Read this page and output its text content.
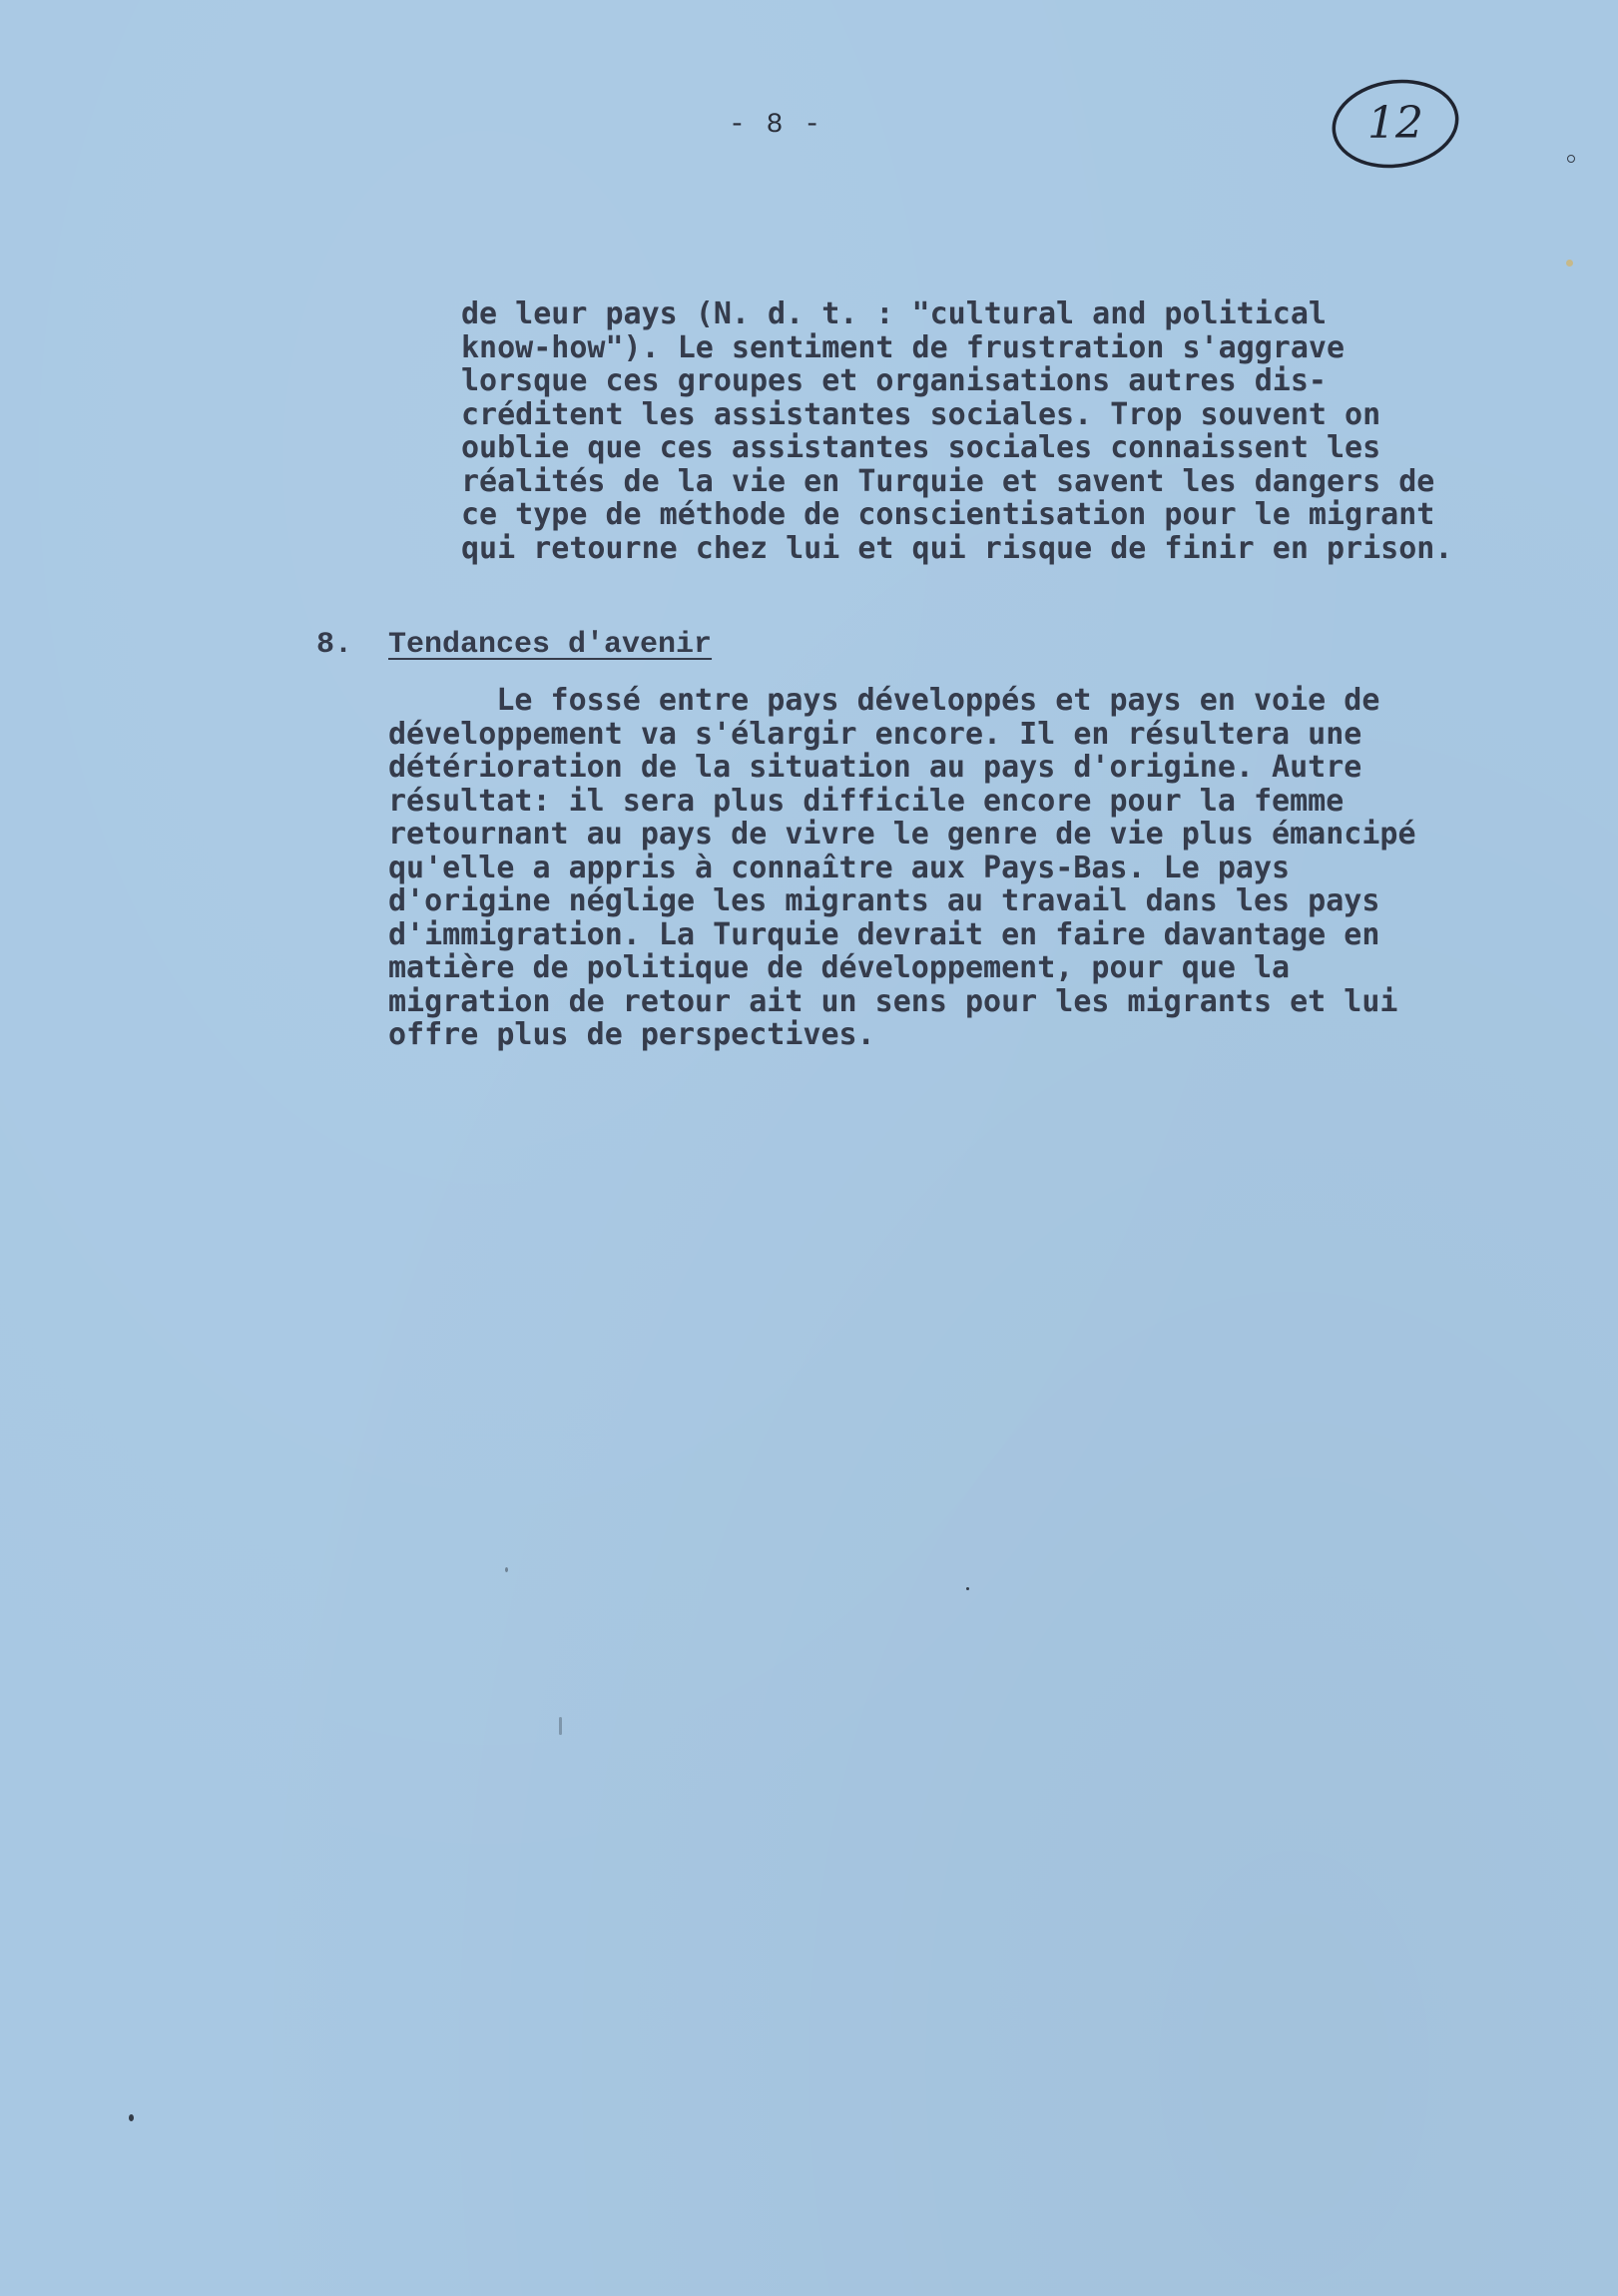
- 8 -	12
de leur pays (N. d. t. : "cultural and political
know-how"). Le sentiment de frustration s'aggrave
lorsque ces groupes et organisations autres dis-
créditent les assistantes sociales. Trop souvent on
oublie que ces assistantes sociales connaissent les
réalités de la vie en Turquie et savent les dangers de
ce type de méthode de conscientisation pour le migrant
qui retourne chez lui et qui risque de finir en prison.
8. Tendances d'avenir
Le fossé entre pays développés et pays en voie de
développement va s'élargir encore. Il en résultera une
détérioration de la situation au pays d'origine. Autre
résultat: il sera plus difficile encore pour la femme
retournant au pays de vivre le genre de vie plus émancipé
qu'elle a appris à connaître aux Pays-Bas. Le pays
d'origine néglige les migrants au travail dans les pays
d'immigration. La Turquie devrait en faire davantage en
matière de politique de développement, pour que la
migration de retour ait un sens pour les migrants et lui
offre plus de perspectives.
